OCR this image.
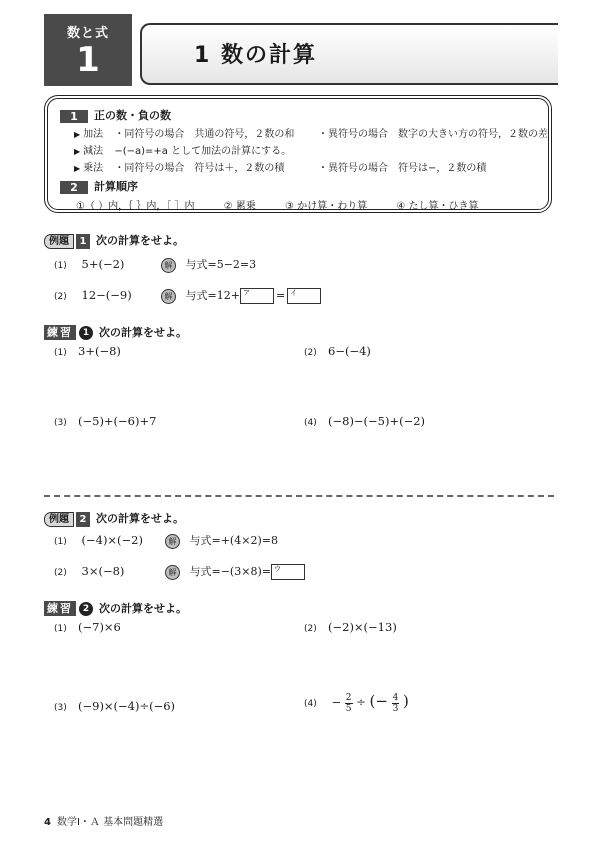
数と式
1	1 数の計算
1 正の数・負の数
▶ 加法 ・同符号の場合　共通の符号，２数の和 ・異符号の場合　数字の大きい方の符号，２数の差
▶ 減法 −(−a)=+a として加法の計算にする。
▶ 乗法 ・同符号の場合　符号は＋，２数の積	・異符号の場合　符号は−，２数の積
2 計算順序
①（ ）内，｛ ｝内，［ ］内	② 累乗	③ かけ算・わり算	④ たし算・ひき算
例題 1 次の計算をせよ。
(1) 5+(−2)	解 与式=5−2=3
(2) 12−(−9)	解 与式=12+ ア = イ
練習 1 次の計算をせよ。
(1) 3+(−8)	(2) 6−(−4)
(3) (−5)+(−6)+7	(4) (−8)−(−5)+(−2)
例題 2 次の計算をせよ。
(1) (−4)×(−2)	解 与式=+(4×2)=8
(2) 3×(−8)	解 与式=−(3×8)= ウ
練習 2 次の計算をせよ。
(1) (−7)×6	(2) (−2)×(−13)
(3) (−9)×(−4)÷(−6)	$(4) - \frac{2}{5}$ ÷ (− $\frac{4}{3}$ )
4 数学Ⅰ・Ａ 基本問題精選
